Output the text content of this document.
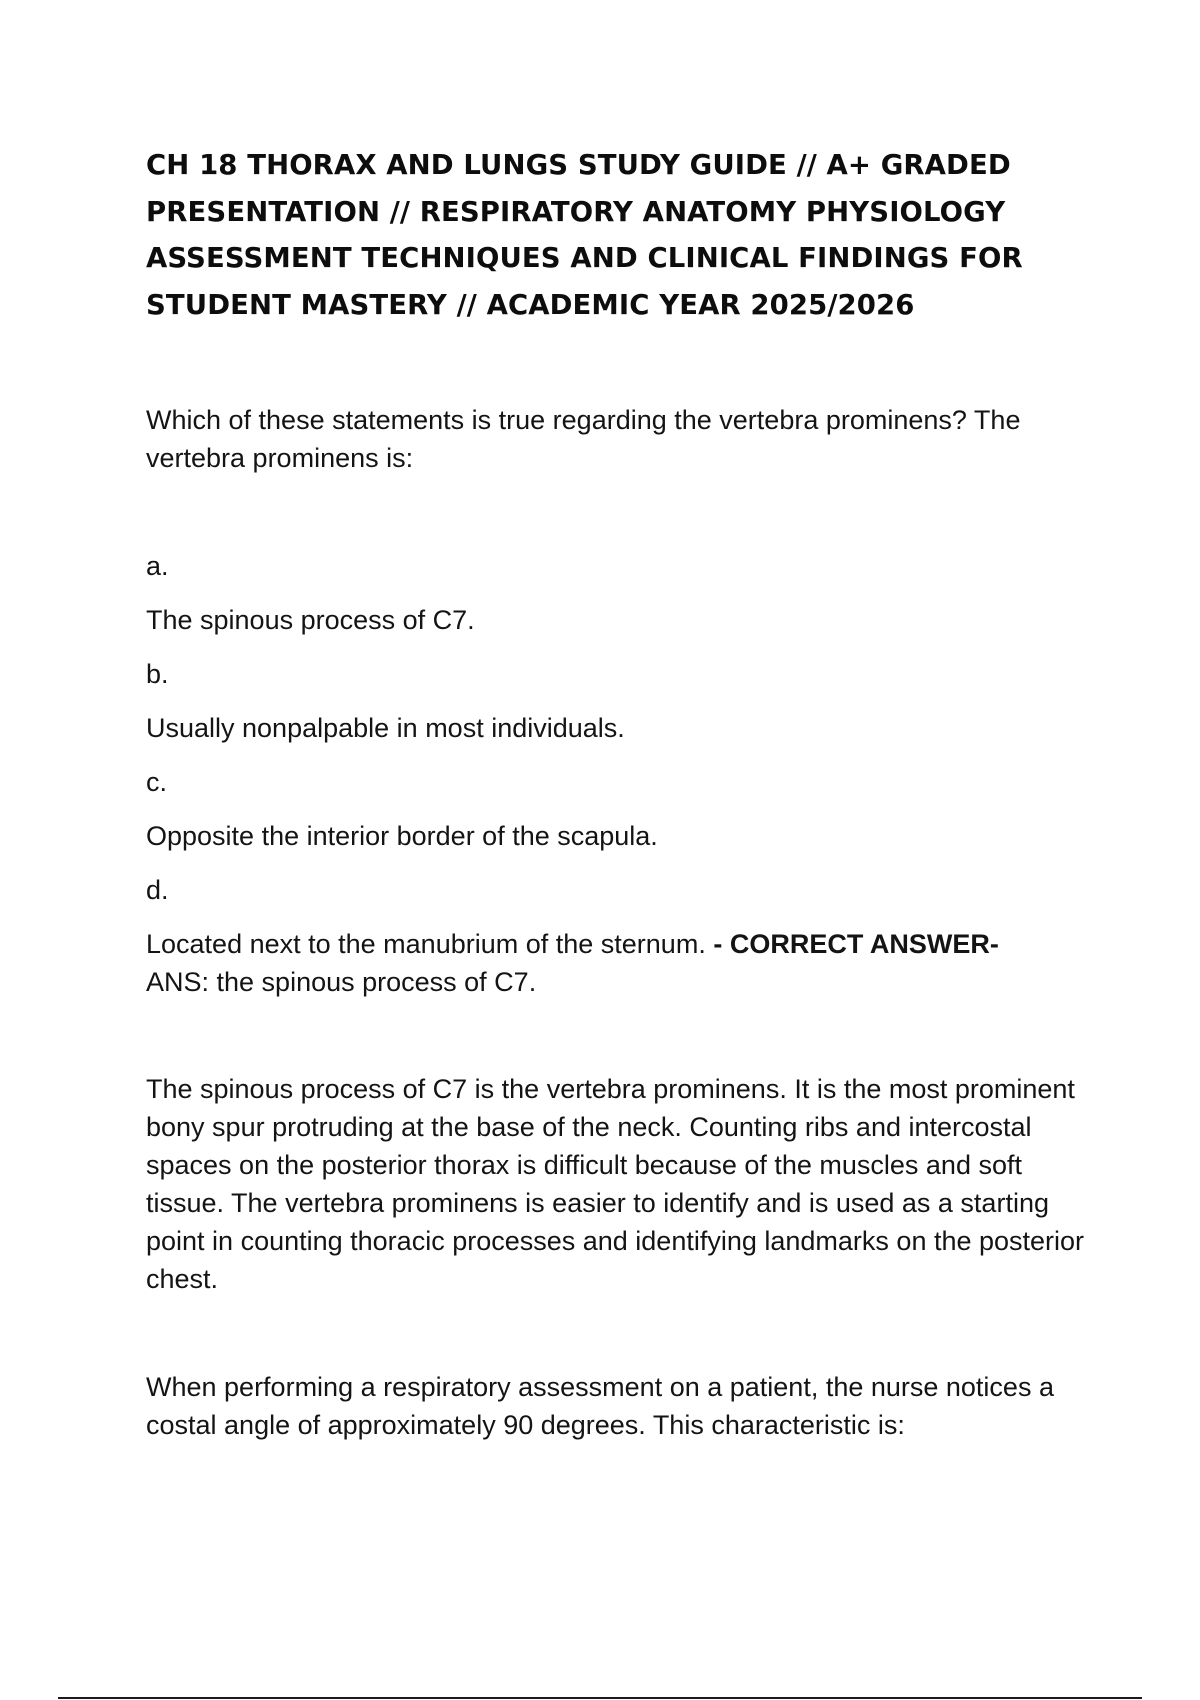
CH 18 THORAX AND LUNGS STUDY GUIDE // A+ GRADED PRESENTATION // RESPIRATORY ANATOMY PHYSIOLOGY ASSESSMENT TECHNIQUES AND CLINICAL FINDINGS FOR STUDENT MASTERY // ACADEMIC YEAR 2025/2026

Which of these statements is true regarding the vertebra prominens? The vertebra prominens is:

a.

The spinous process of C7.

b.

Usually nonpalpable in most individuals.

c.

Opposite the interior border of the scapula.

d.

Located next to the manubrium of the sternum. - CORRECT ANSWER-
ANS: the spinous process of C7.

The spinous process of C7 is the vertebra prominens. It is the most prominent bony spur protruding at the base of the neck. Counting ribs and intercostal spaces on the posterior thorax is difficult because of the muscles and soft tissue. The vertebra prominens is easier to identify and is used as a starting point in counting thoracic processes and identifying landmarks on the posterior chest.

When performing a respiratory assessment on a patient, the nurse notices a costal angle of approximately 90 degrees. This characteristic is:
